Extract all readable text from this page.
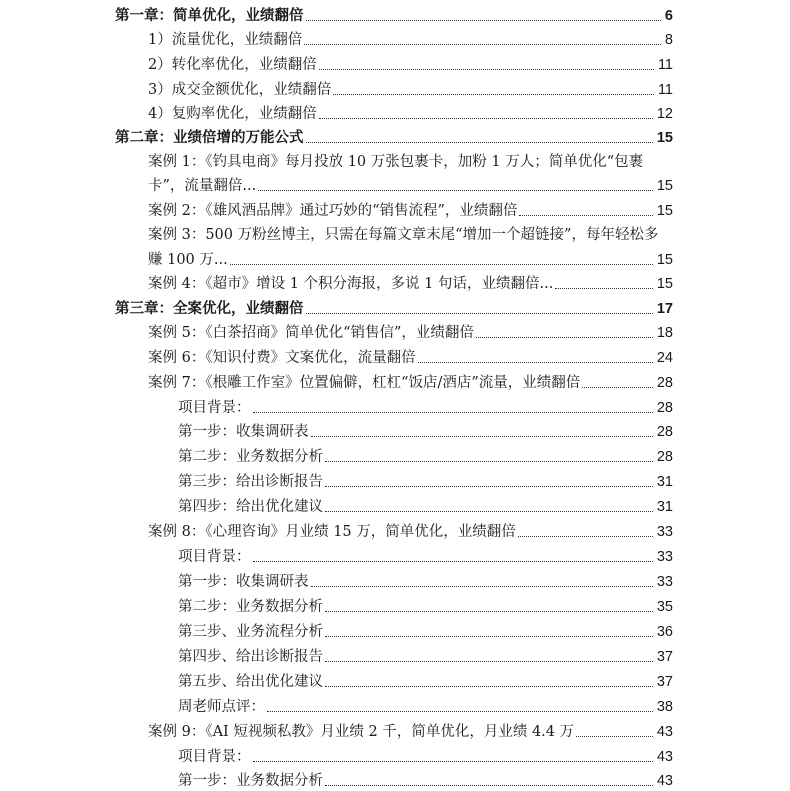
第一章：简单优化，业绩翻倍	6
1）流量优化，业绩翻倍	8
2）转化率优化，业绩翻倍	11
3）成交金额优化，业绩翻倍	11
4）复购率优化，业绩翻倍	12
第二章：业绩倍增的万能公式	15
案例 1：《钓具电商》每月投放 10 万张包裹卡，加粉 1 万人；简单优化“包裹
卡”，流量翻倍...	15
案例 2：《雄风酒品牌》通过巧妙的“销售流程”，业绩翻倍	15
案例 3：500 万粉丝博主，只需在每篇文章末尾“增加一个超链接”，每年轻松多
赚 100 万...	15
案例 4：《超市》增设 1 个积分海报，多说 1 句话，业绩翻倍...	15
第三章：全案优化，业绩翻倍	17
案例 5：《白茶招商》简单优化“销售信”，业绩翻倍	18
案例 6：《知识付费》文案优化，流量翻倍	24
案例 7：《根雕工作室》位置偏僻，杠杠“饭店/酒店”流量，业绩翻倍	28
项目背景：	28
第一步：收集调研表	28
第二步：业务数据分析	28
第三步：给出诊断报告	31
第四步：给出优化建议	31
案例 8：《心理咨询》月业绩 15 万，简单优化，业绩翻倍	33
项目背景：	33
第一步：收集调研表	33
第二步：业务数据分析	35
第三步、业务流程分析	36
第四步、给出诊断报告	37
第五步、给出优化建议	37
周老师点评：	38
案例 9：《AI 短视频私教》月业绩 2 千，简单优化，月业绩 4.4 万	43
项目背景：	43
第一步：业务数据分析	43
